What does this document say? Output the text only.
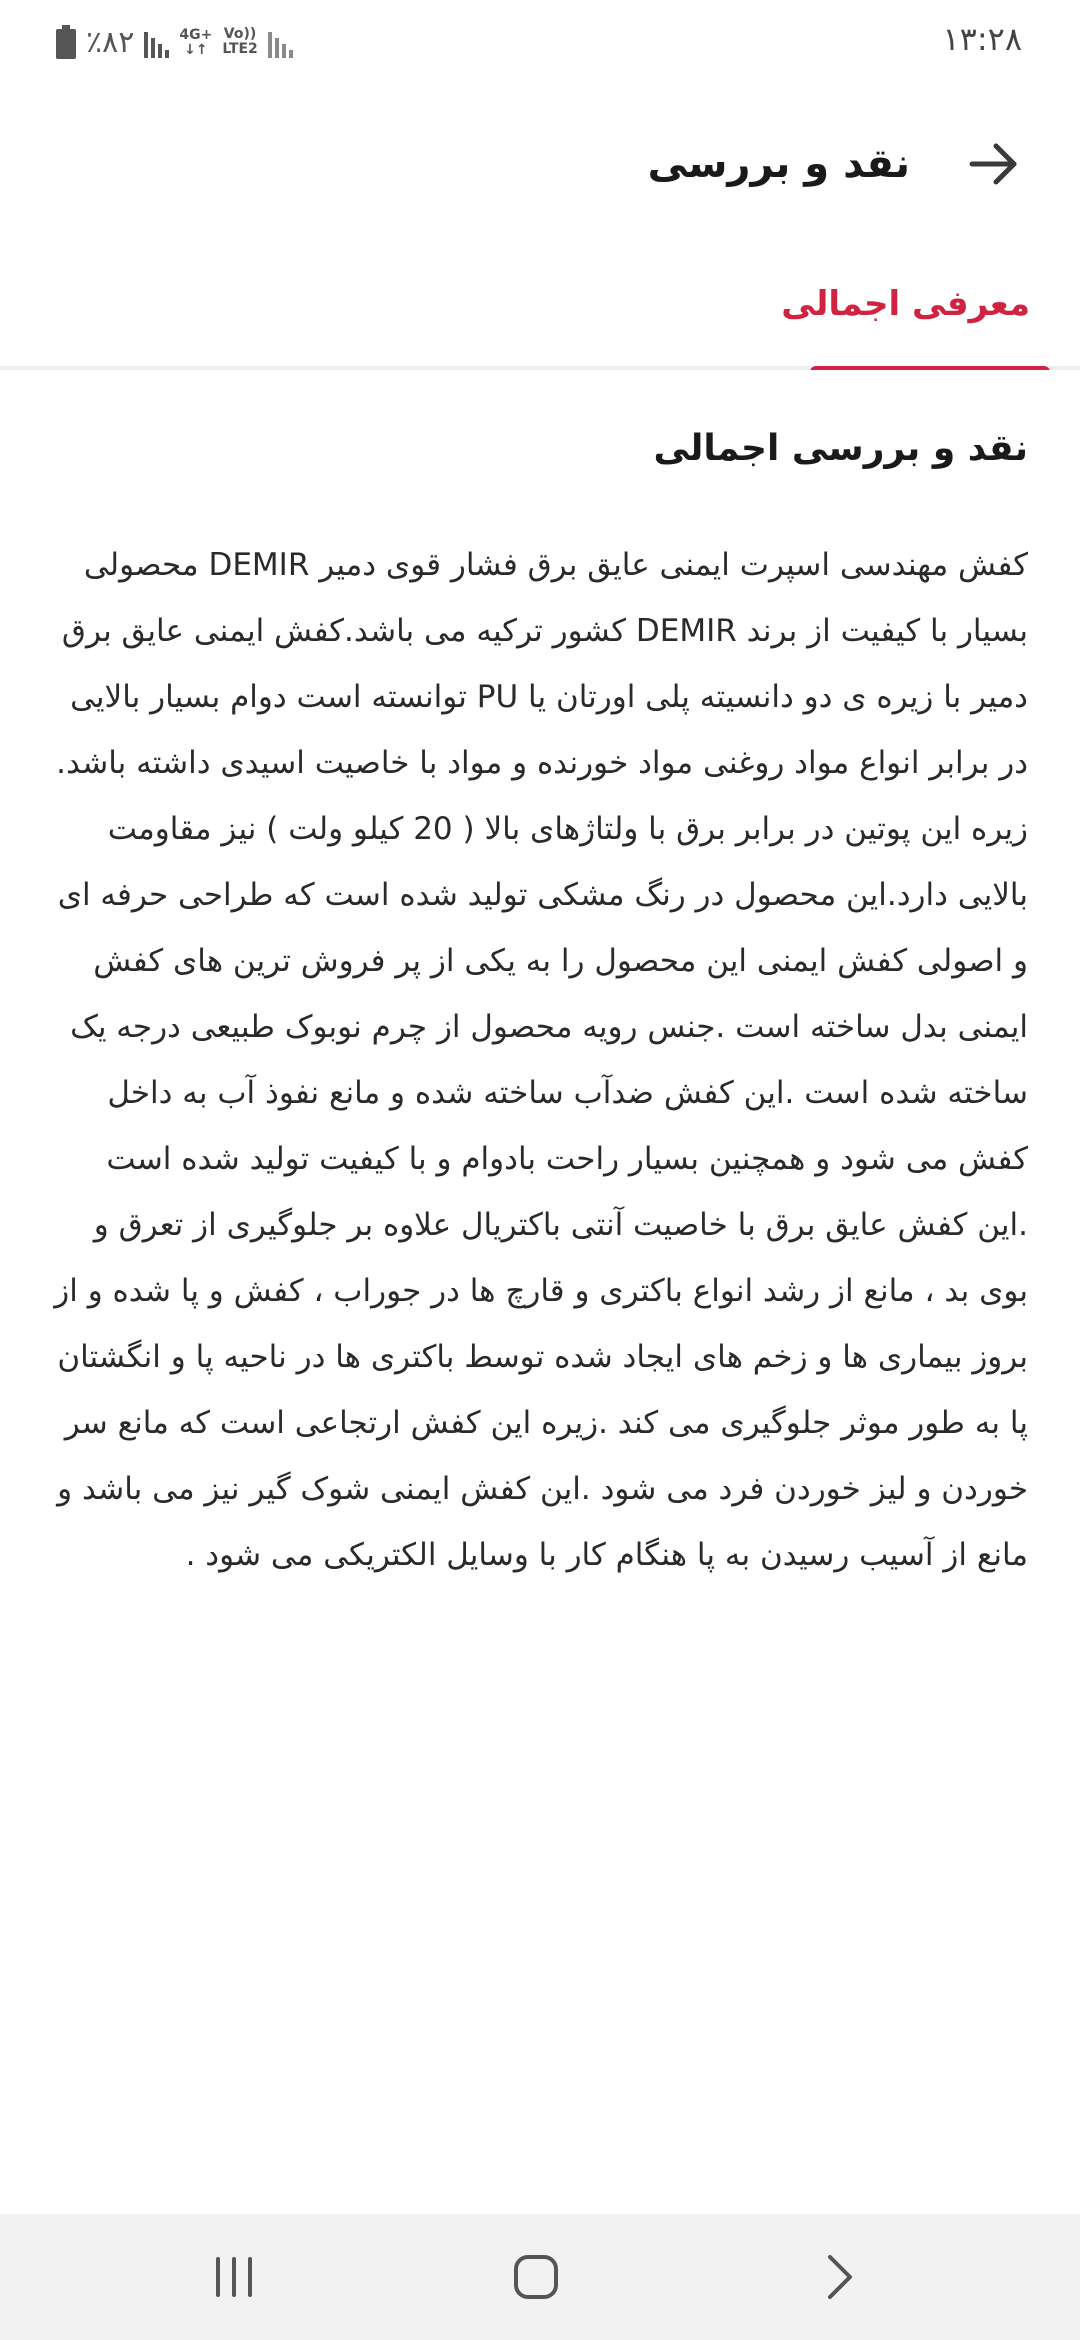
٪۸۲	4G+
↓↑
Vo))
LTE2	۱۳:۲۸
نقد و بررسی
معرفی اجمالی
نقد و بررسی اجمالی
کفش مهندسی اسپرت ایمنی عایق برق فشار قوی دمیر DEMIR محصولی بسیار با کیفیت از برند DEMIR کشور ترکیه می باشد.کفش ایمنی عایق برق دمیر با زیره ی دو دانسیته پلی اورتان یا PU توانسته است دوام بسیار بالایی در برابر انواع مواد روغنی مواد خورنده و مواد با خاصیت اسیدی داشته باشد. زیره این پوتین در برابر برق با ولتاژهای بالا ( 20 کیلو ولت ) نیز مقاومت بالایی دارد.این محصول در رنگ مشکی تولید شده است که طراحی حرفه ای و اصولی کفش ایمنی این محصول را به یکی از پر فروش ترین های کفش ایمنی بدل ساخته است .جنس رویه محصول از چرم نوبوک طبیعی درجه یک ساخته شده است .این کفش ضدآب ساخته شده و مانع نفوذ آب به داخل کفش می شود و همچنین بسیار راحت بادوام و با کیفیت تولید شده است .این کفش عایق برق با خاصیت آنتی باکتریال علاوه بر جلوگیری از تعرق و بوی بد ، مانع از رشد انواع باکتری و قارچ ها در جوراب ، کفش و پا شده و از بروز بیماری ها و زخم های ایجاد شده توسط باکتری ها در ناحیه پا و انگشتان پا به طور موثر جلوگیری می کند .زیره این کفش ارتجاعی است که مانع سر خوردن و لیز خوردن فرد می شود .این کفش ایمنی شوک گیر نیز می باشد و مانع از آسیب رسیدن به پا هنگام کار با وسایل الکتریکی می شود .
